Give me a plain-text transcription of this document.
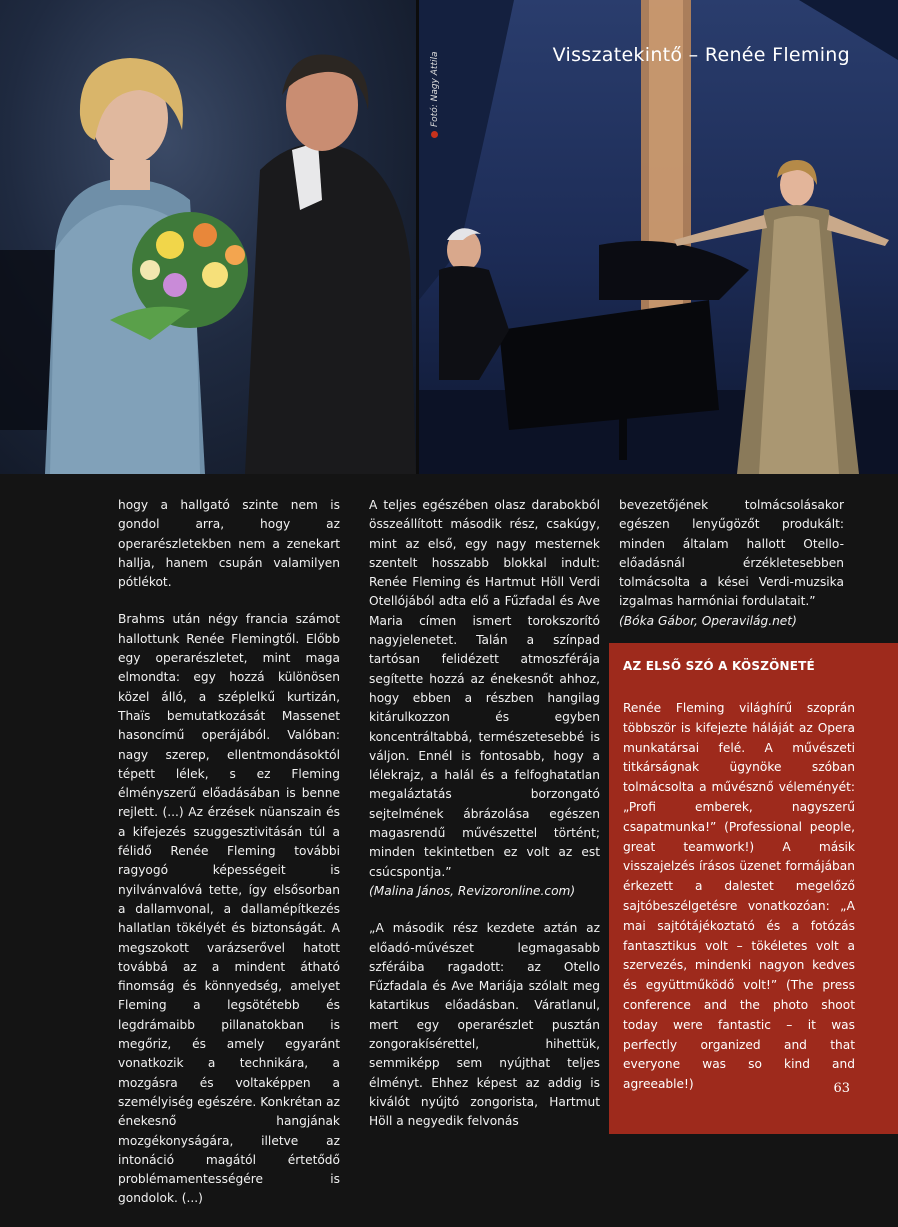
Visszatekintő – Renée Fleming
Fotó: Nagy Attila

hogy a hallgató szinte nem is gondol arra, hogy az operarészletekben nem a zenekart hallja, hanem csupán valamilyen pótlékot.

Brahms után négy francia számot hallottunk Renée Flemingtől. Előbb egy operarészletet, mint maga elmondta: egy hozzá különösen közel álló, a széplelkű kurtizán, Thaïs bemutatkozását Massenet hasoncímű operájából. Valóban: nagy szerep, ellentmondásoktól tépett lélek, s ez Fleming élményszerű előadásában is benne rejlett. (...) Az érzések nüanszain és a kifejezés szuggesztivitásán túl a félidő Renée Fleming további ragyogó képességeit is nyilvánvalóvá tette, így elsősorban a dallamvonal, a dallamépítkezés hallatlan tökélyét és biztonságát. A megszokott varázserővel hatott továbbá az a mindent átható finomság és könnyedség, amelyet Fleming a legsötétebb és legdrámaibb pillanatokban is megőriz, és amely egyaránt vonatkozik a technikára, a mozgásra és voltaképpen a személyiség egészére. Konkrétan az énekesnő hangjának mozgékonyságára, illetve az intonáció magától értetődő problémamentességére is gondolok. (...)

A teljes egészében olasz darabokból összeállított második rész, csakúgy, mint az első, egy nagy mesternek szentelt hosszabb blokkal indult: Renée Fleming és Hartmut Höll Verdi Otellójából adta elő a Fűzfadal és Ave Maria címen ismert torokszorító nagyjelenetet. Talán a színpad tartósan felidézett atmoszférája segítette hozzá az énekesnőt ahhoz, hogy ebben a részben hangilag kitárulkozzon és egyben koncentráltabbá, természetesebbé is váljon. Ennél is fontosabb, hogy a lélekrajz, a halál és a felfoghatatlan megaláztatás borzongató sejtelmének ábrázolása egészen magasrendű művészettel történt; minden tekintetben ez volt az est csúcspontja.”

(Malina János, Revizoronline.com)

„A második rész kezdete aztán az előadó-művészet legmagasabb szféráiba ragadott: az Otello Fűzfadala és Ave Mariája szólalt meg katartikus előadásban. Váratlanul, mert egy operarészlet pusztán zongorakísérettel, hihettük, semmiképp sem nyújthat teljes élményt. Ehhez képest az addig is kiválót nyújtó zongorista, Hartmut Höll a negyedik felvonás

bevezetőjének tolmácsolásakor egészen lenyűgözőt produkált: minden általam hallott Otello-előadásnál érzékletesebben tolmácsolta a kései Verdi-muzsika izgalmas harmóniai fordulatait.”

(Bóka Gábor, Operavilág.net)

AZ ELSŐ SZÓ A KÖSZÖNETÉ
Renée Fleming világhírű szoprán többször is kifejezte háláját az Opera munkatársai felé. A művészeti titkárságnak ügynöke szóban tolmácsolta a művésznő véleményét: „Profi emberek, nagyszerű csapatmunka!” (Professional people, great teamwork!) A másik visszajelzés írásos üzenet formájában érkezett a dalestet megelőző sajtóbeszélgetésre vonatkozóan: „A mai sajtótájékoztató és a fotózás fantasztikus volt – tökéletes volt a szervezés, mindenki nagyon kedves és együttműködő volt!” (The press conference and the photo shoot today were fantastic – it was perfectly organized and that everyone was so kind and agreeable!)	63
